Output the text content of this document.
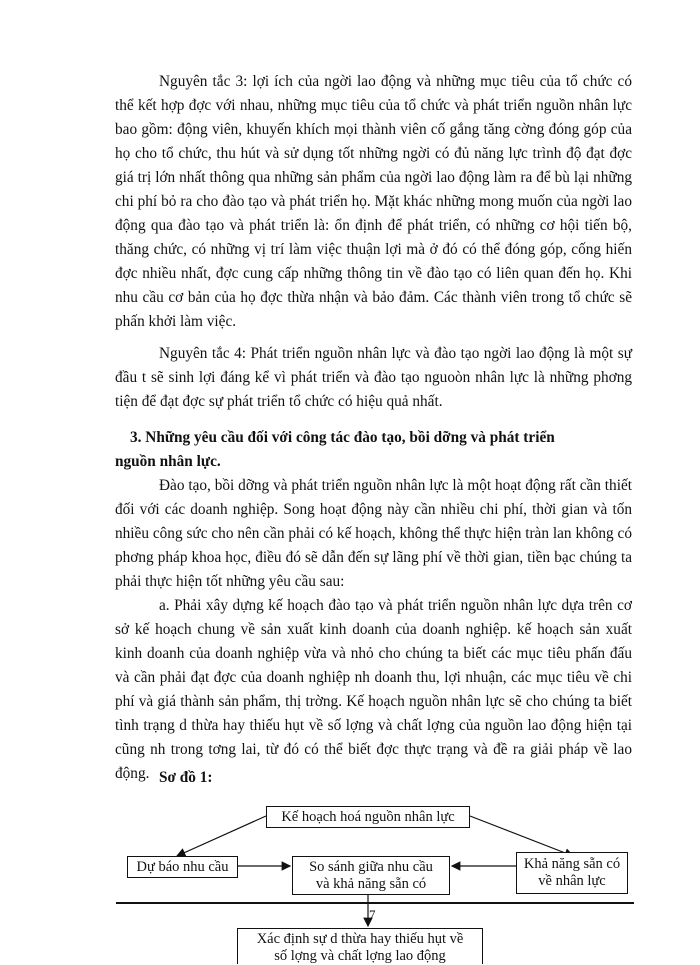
Nguyên tắc 3: lợi ích của ngời lao động và những mục tiêu của tổ chức có thể kết hợp đợc với nhau, những mục tiêu của tổ chức và phát triển nguồn nhân lực bao gồm: động viên, khuyến khích mọi thành viên cố gắng tăng cờng đóng góp của họ cho tổ chức, thu hút và sử dụng tốt những ngời có đủ năng lực trình độ đạt đợc giá trị lớn nhất thông qua những sản phẩm của ngời lao động làm ra để bù lại những chi phí bỏ ra cho đào tạo và phát triển họ. Mặt khác những mong muốn của ngời lao động qua đào tạo và phát triển là: ổn định để phát triển, có những cơ hội tiến bộ, thăng chức, có những vị trí làm việc thuận lợi mà ở đó có thể đóng góp, cống hiến đợc nhiều nhất, đợc cung cấp những thông tin về đào tạo có liên quan đến họ. Khi nhu cầu cơ bản của họ đợc thừa nhận và bảo đảm. Các thành viên trong tổ chức sẽ phấn khởi làm việc.

Nguyên tắc 4: Phát triển nguồn nhân lực và đào tạo ngời lao động là một sự đầu t sẽ sinh lợi đáng kể vì phát triển và đào tạo nguoòn nhân lực là những phơng tiện để đạt đợc sự phát triển tổ chức có hiệu quả nhất.

3. Những yêu cầu đối với công tác đào tạo, bồi dỡng và phát triển
nguồn nhân lực.

Đào tạo, bồi dỡng và phát triển nguồn nhân lực là một hoạt động rất cần thiết đối với các doanh nghiệp. Song hoạt động này cần nhiều chi phí, thời gian và tốn nhiều công sức cho nên cần phải có kế hoạch, không thể thực hiện tràn lan không có phơng pháp khoa học, điều đó sẽ dẫn đến sự lãng phí về thời gian, tiền bạc chúng ta phải thực hiện tốt những yêu cầu sau:

a. Phải xây dựng kế hoạch đào tạo và phát triển nguồn nhân lực dựa trên cơ sở kế hoạch chung về sản xuất kinh doanh của doanh nghiệp. kế hoạch sản xuất kinh doanh của doanh nghiệp vừa và nhỏ cho chúng ta biết các mục tiêu phấn đấu và cần phải đạt đợc của doanh nghiệp nh doanh thu, lợi nhuận, các mục tiêu về chi phí và giá thành sản phẩm, thị trờng. Kế hoạch nguồn nhân lực sẽ cho chúng ta biết tình trạng d thừa hay thiếu hụt về số lợng và chất lợng của nguồn lao động hiện tại cũng nh trong tơng lai, từ đó có thể biết đợc thực trạng và đề ra giải pháp về lao động. Sơ đồ 1:

Kế hoạch hoá nguồn nhân lực
Dự báo nhu cầu	So sánh giữa nhu cầu
và khả năng sẵn có
Khả năng sẵn có
về nhân lực
7
Xác định sự d thừa hay thiếu hụt về
số lợng và chất lợng lao động
